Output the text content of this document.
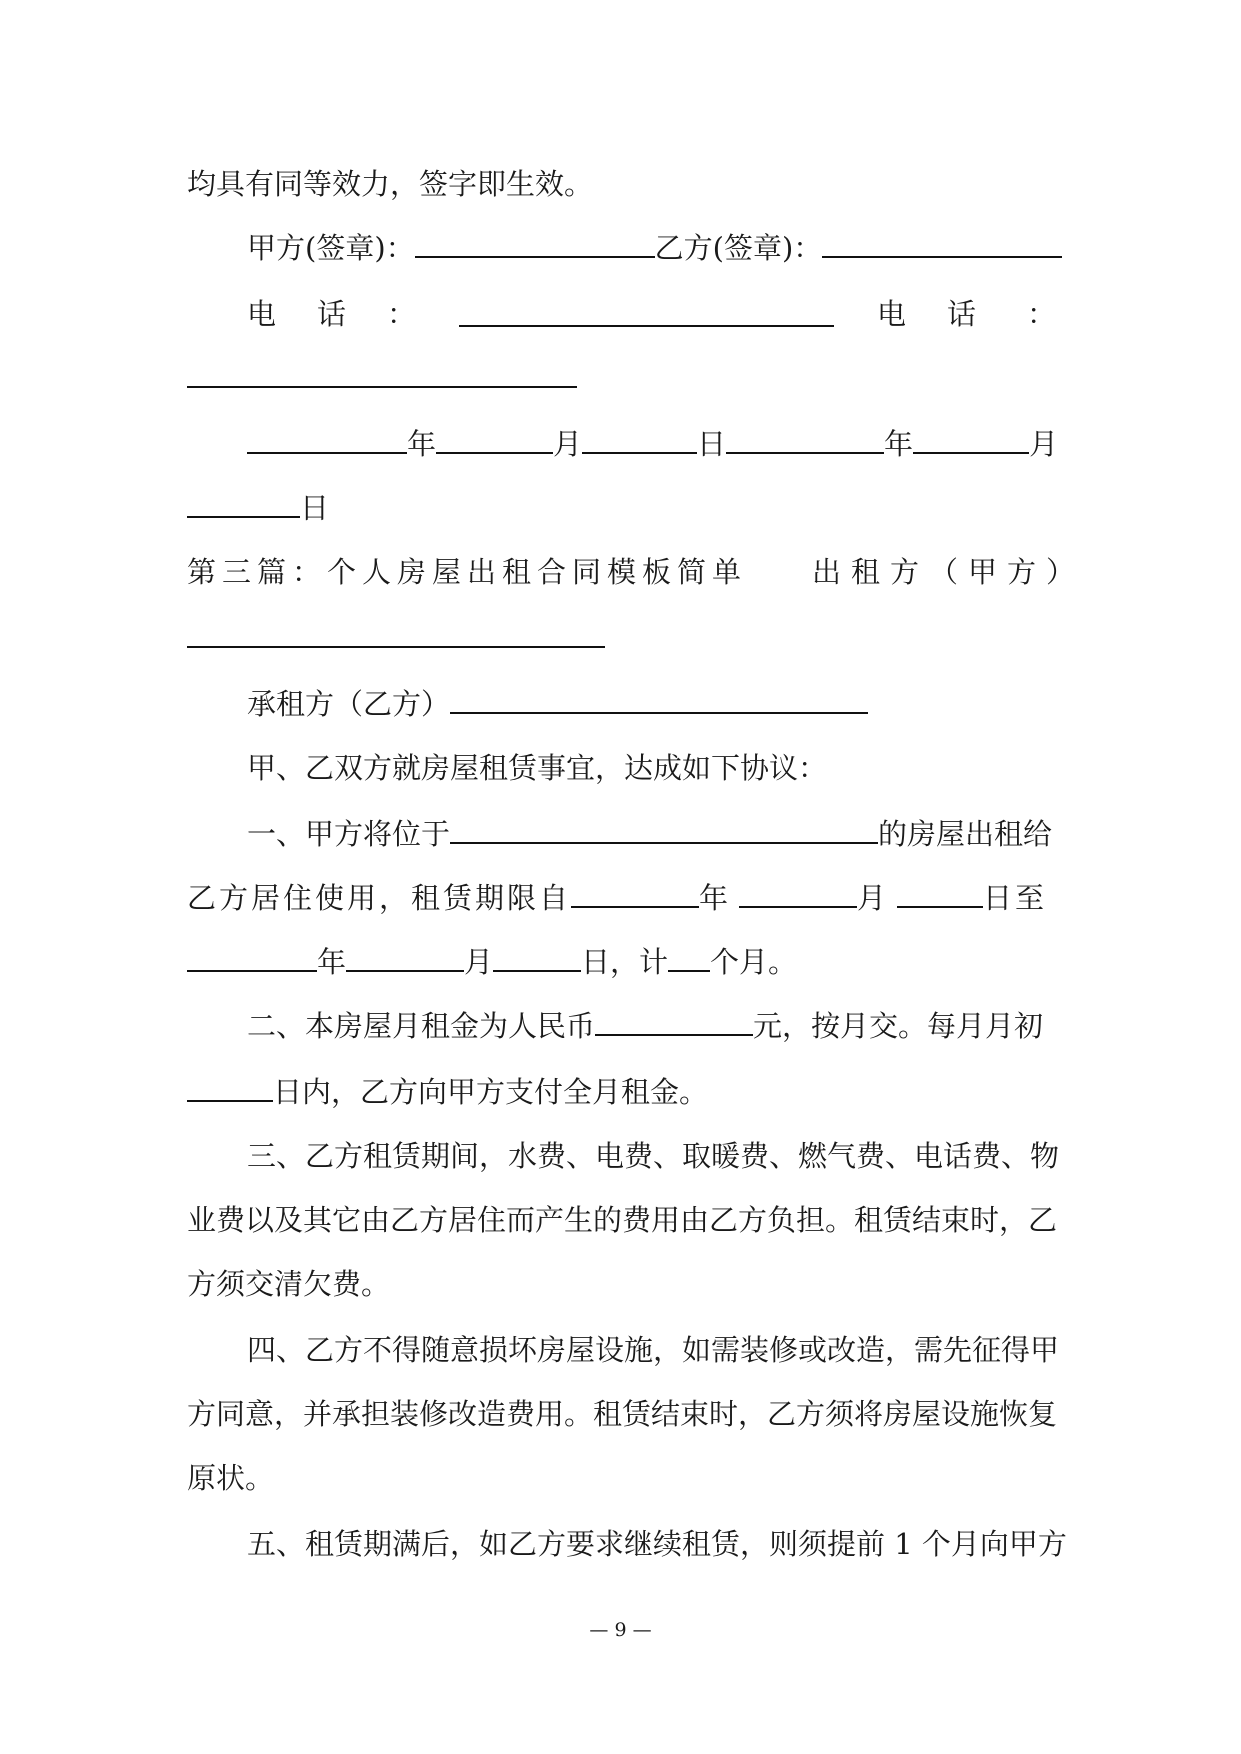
均具有同等效力，签字即生效。
甲方(签章)：	乙方(签章)：
电 话 ：	电 话 ：
年	月	日	年	月
日
第三篇：个人房屋出租合同模板简单 出租方（甲方）
承租方（乙方）
甲、乙双方就房屋租赁事宜，达成如下协议：
一、甲方将位于	的房屋出租给
乙方居住使用，租赁期限自	年	月	日至
年	月	日，计 个月。
二、本房屋月租金为人民币	元，按月交。每月月初
日内，乙方向甲方支付全月租金。
三、乙方租赁期间，水费、电费、取暖费、燃气费、电话费、物
业费以及其它由乙方居住而产生的费用由乙方负担。租赁结束时，乙
方须交清欠费。
四、乙方不得随意损坏房屋设施，如需装修或改造，需先征得甲
方同意，并承担装修改造费用。租赁结束时，乙方须将房屋设施恢复
原状。
五、租赁期满后，如乙方要求继续租赁，则须提前 1 个月向甲方
— 9 —
